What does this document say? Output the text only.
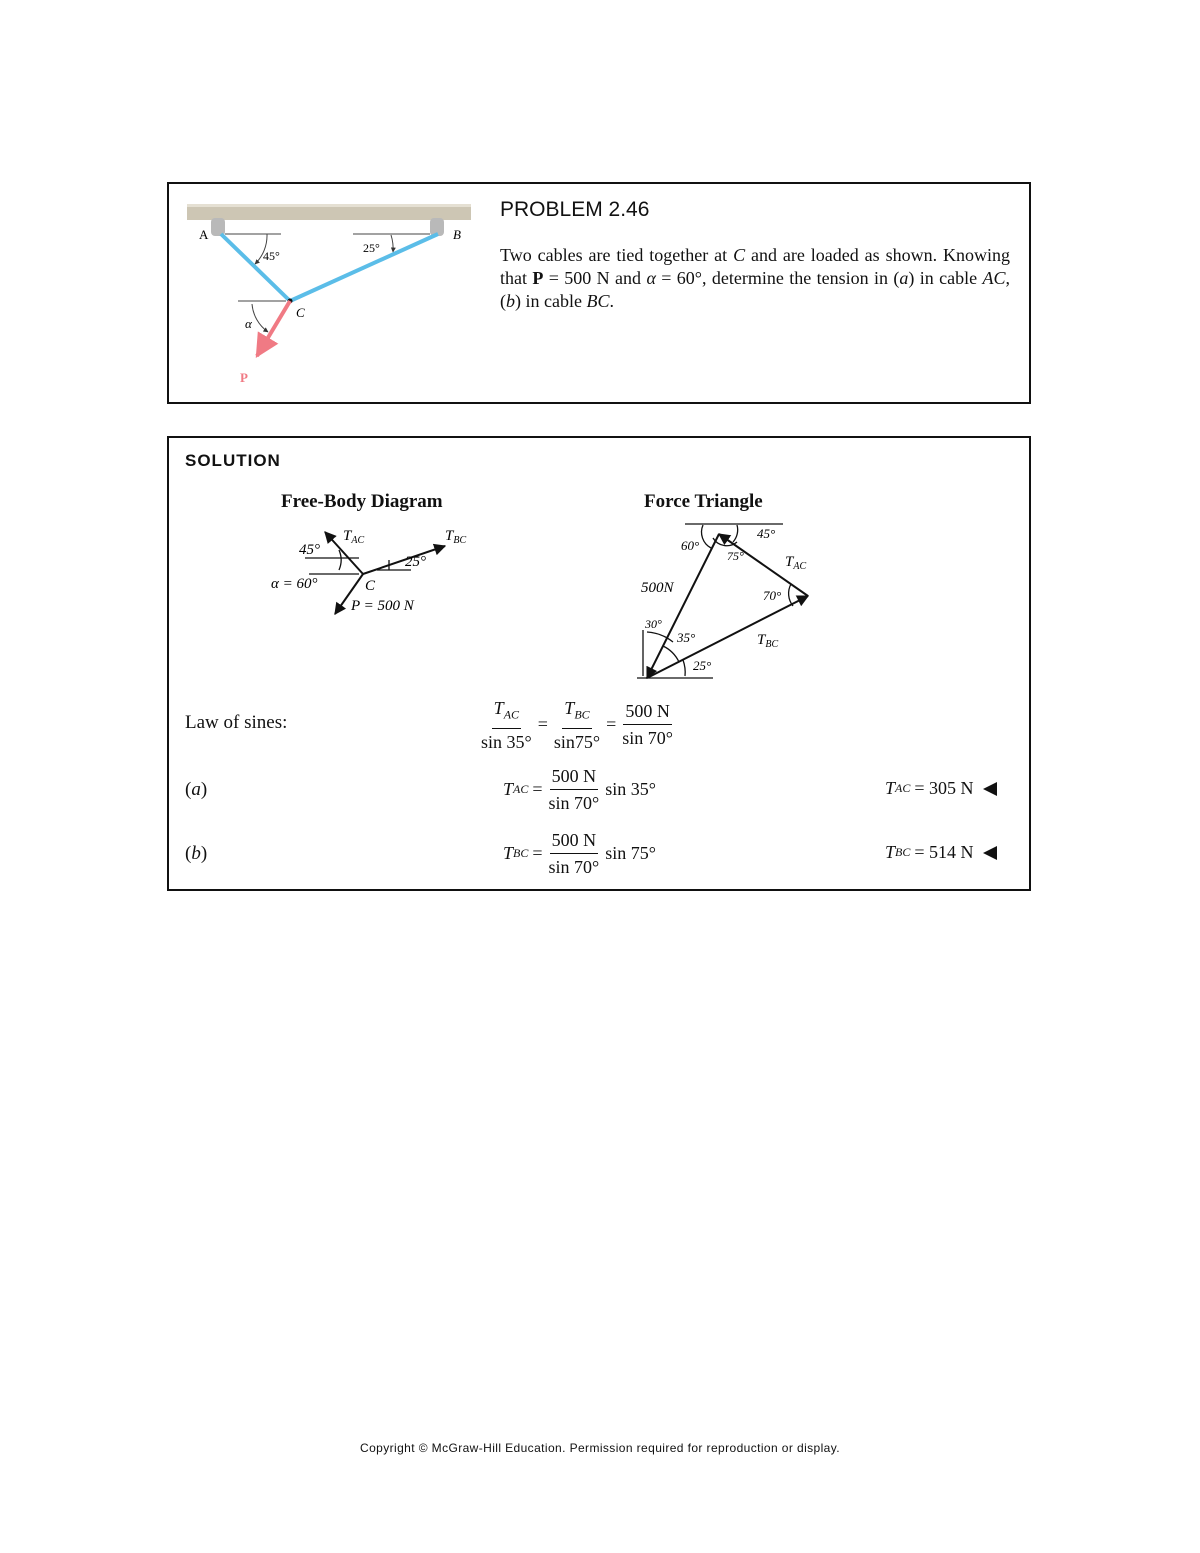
A	B
C
P
45°
25°
α
PROBLEM 2.46
Two cables are tied together at C and are loaded as shown. Knowing that P = 500 N and α = 60°, determine the tension in (a) in cable AC, (b) in cable BC.
SOLUTION
Free-Body Diagram	Force Triangle
$T_{AC}$	$T_{BC}$
45°
25°
α = 60°	C
P = 500 N
60°
75°
45°
500N
$T_{AC}$
70°
30°
35°	$T_{BC}$
25°
Law of sines:	$\frac{T_{AC}}{\sin 35^\circ} = \frac{T_{BC}}{\sin 75^\circ} = \frac{500 N}{\sin 70^\circ}$
(a)	T AC = $\frac{500 N}{\sin 70^\circ}$ sin 35°	T AC = 305 N
(b)	T BC = $\frac{500 N}{\sin 70^\circ}$ sin 75°	T BC = 514 N
Copyright © McGraw-Hill Education. Permission required for reproduction or display.
